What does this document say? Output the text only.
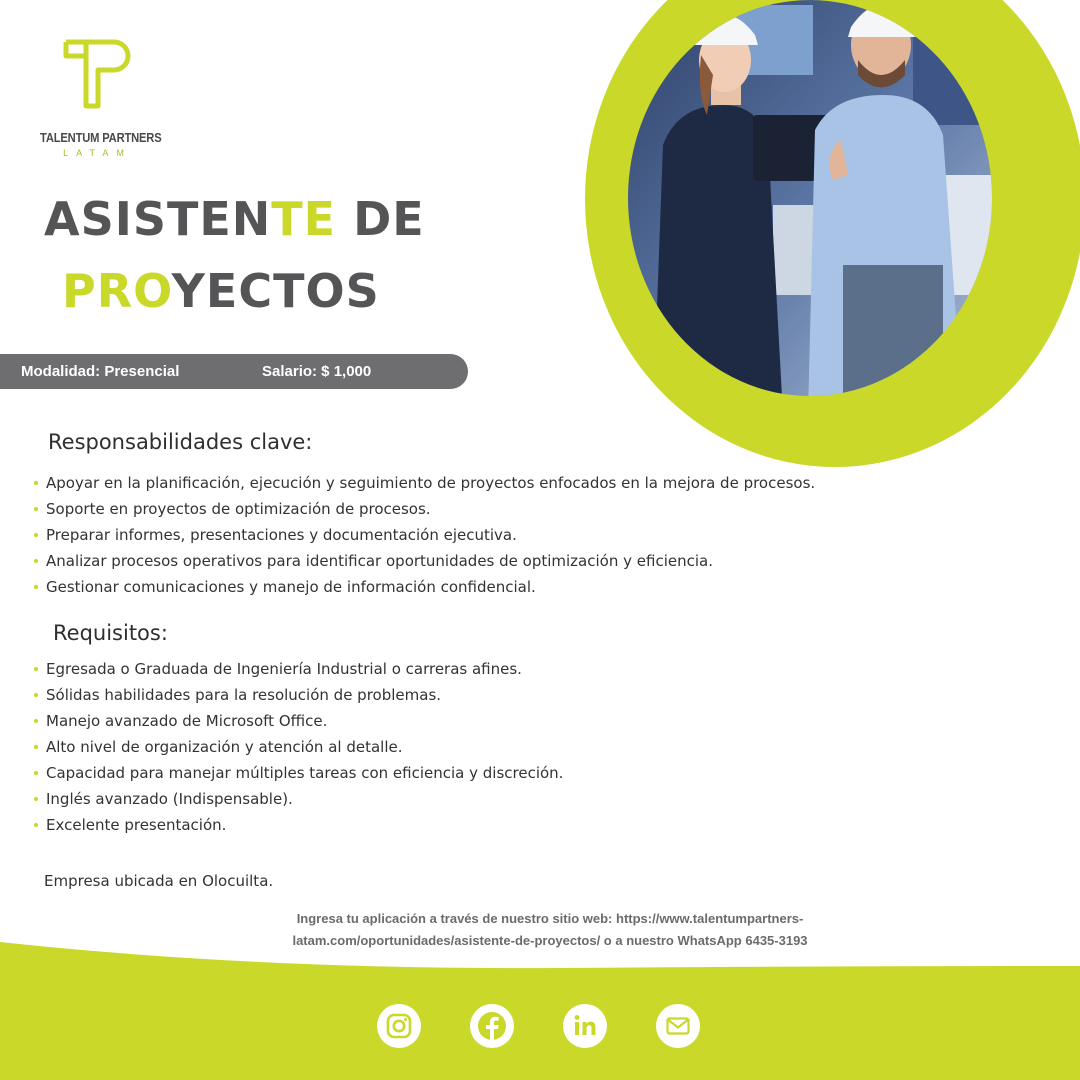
TALENTUM PARTNERS
LATAM
ASISTENTE DE
PROYECTOS
Modalidad: Presencial	Salario: $ 1,000
Responsabilidades clave:
Apoyar en la planificación, ejecución y seguimiento de proyectos enfocados en la mejora de procesos.
Soporte en proyectos de optimización de procesos.
Preparar informes, presentaciones y documentación ejecutiva.
Analizar procesos operativos para identificar oportunidades de optimización y eficiencia.
Gestionar comunicaciones y manejo de información confidencial.
Requisitos:
Egresada o Graduada de Ingeniería Industrial o carreras afines.
Sólidas habilidades para la resolución de problemas.
Manejo avanzado de Microsoft Office.
Alto nivel de organización y atención al detalle.
Capacidad para manejar múltiples tareas con eficiencia y discreción.
Inglés avanzado (Indispensable).
Excelente presentación.
Empresa ubicada en Olocuilta.
Ingresa tu aplicación a través de nuestro sitio web: https://www.talentumpartners-
latam.com/oportunidades/asistente-de-proyectos/ o a nuestro WhatsApp 6435-3193
